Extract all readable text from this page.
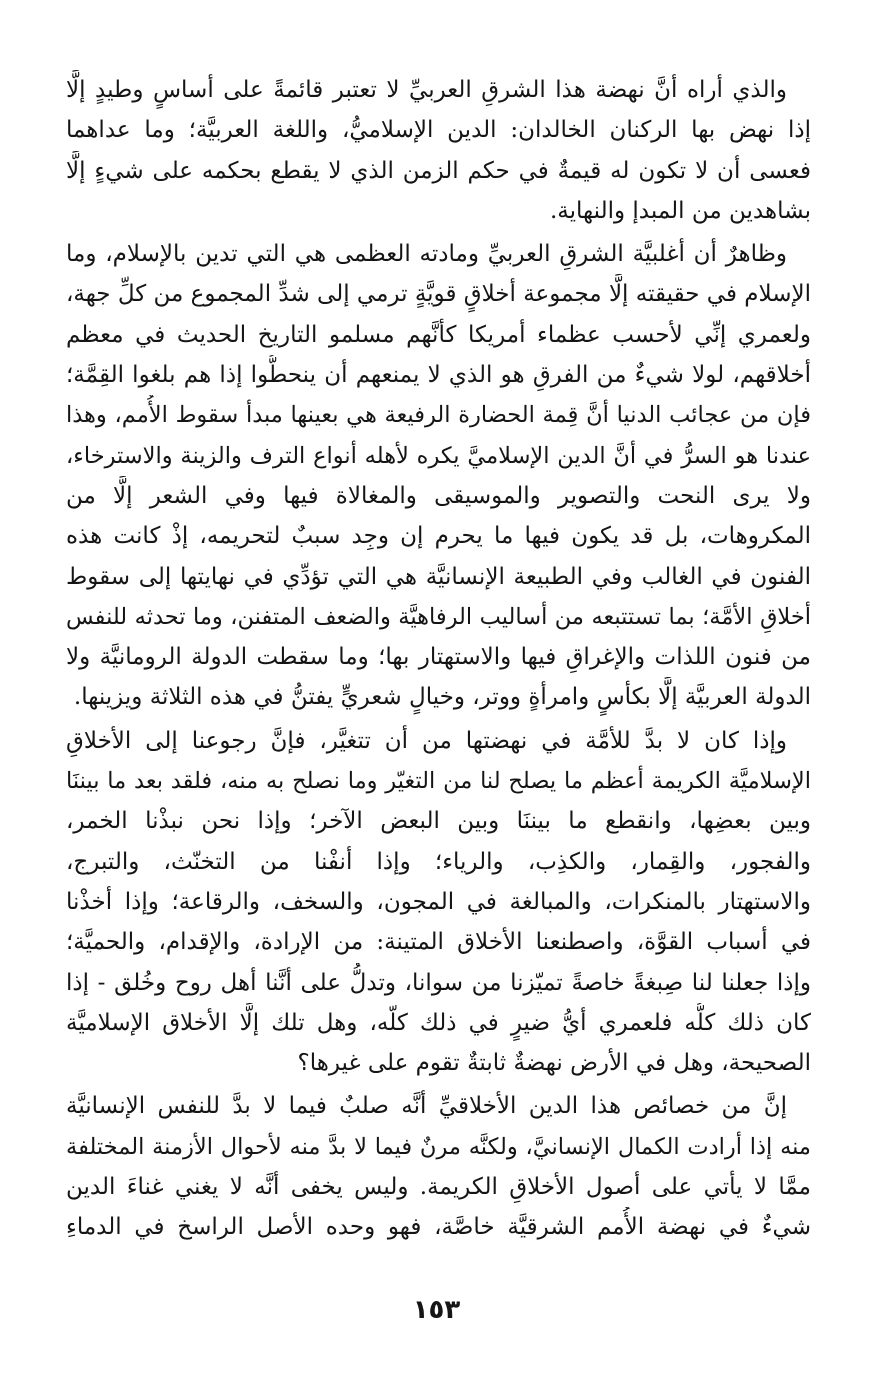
والذي أراه أنَّ نهضة هذا الشرقِ العربيِّ لا تعتبر قائمةً على أساسٍ وطيدٍ إلَّا
إذا نهض بها الركنان الخالدان: الدين الإسلاميُّ، واللغة العربيَّة؛ وما عداهما
فعسى أن لا تكون له قيمةٌ في حكم الزمن الذي لا يقطع بحكمه على شيءٍ إلَّا
بشاهدين من المبدإ والنهاية.
وظاهرٌ أن أغلبيَّة الشرقِ العربيِّ ومادته العظمى هي التي تدين بالإسلام، وما
الإسلام في حقيقته إلَّا مجموعة أخلاقٍ قويَّةٍ ترمي إلى شدِّ المجموع من كلِّ جهة،
ولعمري إنِّي لأحسب عظماء أمريكا كأنَّهم مسلمو التاريخ الحديث في معظم
أخلاقهم، لولا شيءٌ من الفرقِ هو الذي لا يمنعهم أن ينحطُّوا إذا هم بلغوا القِمَّة؛
فإن من عجائب الدنيا أنَّ قِمة الحضارة الرفيعة هي بعينها مبدأ سقوط الأُمم، وهذا
عندنا هو السرُّ في أنَّ الدين الإسلاميَّ يكره لأهله أنواع الترف والزينة والاسترخاء،
ولا يرى النحت والتصوير والموسيقى والمغالاة فيها وفي الشعر إلَّا من
المكروهات، بل قد يكون فيها ما يحرم إن وجِد سببٌ لتحريمه، إذْ كانت هذه
الفنون في الغالب وفي الطبيعة الإنسانيَّة هي التي تؤدِّي في نهايتها إلى سقوط
أخلاقِ الأمَّة؛ بما تستتبعه من أساليب الرفاهيَّة والضعف المتفنن، وما تحدثه للنفس
من فنون اللذات والإغراقِ فيها والاستهتار بها؛ وما سقطت الدولة الرومانيَّة ولا
الدولة العربيَّة إلَّا بكأسٍ وامرأةٍ ووتر، وخيالٍ شعريٍّ يفتنُّ في هذه الثلاثة ويزينها.
وإذا كان لا بدَّ للأمَّة في نهضتها من أن تتغيَّر، فإنَّ رجوعنا إلى الأخلاقِ
الإسلاميَّة الكريمة أعظم ما يصلح لنا من التغيّر وما نصلح به منه، فلقد بعد ما بيننَا
وبين بعضِها، وانقطع ما بيننَا وبين البعض الآخر؛ وإذا نحن نبذْنا الخمر،
والفجور، والقِمار، والكذِب، والرياء؛ وإذا أنفْنا من التخنّث، والتبرج،
والاستهتار بالمنكرات، والمبالغة في المجون، والسخف، والرقاعة؛ وإذا أخذْنا
في أسباب القوَّة، واصطنعنا الأخلاق المتينة: من الإرادة، والإقدام، والحميَّة؛
وإذا جعلنا لنا صِبغةً خاصةً تميّزنا من سوانا، وتدلُّ على أنَّنا أهل روح وخُلق - إذا
كان ذلك كلُّه فلعمري أيُّ ضيرٍ في ذلك كلّه، وهل تلك إلَّا الأخلاق الإسلاميَّة
الصحيحة، وهل في الأرض نهضةٌ ثابتةٌ تقوم على غيرها؟
إنَّ من خصائص هذا الدين الأخلاقيِّ أنَّه صلبٌ فيما لا بدَّ للنفس الإنسانيَّة
منه إذا أرادت الكمال الإنسانيَّ، ولكنَّه مرنٌ فيما لا بدَّ منه لأحوال الأزمنة المختلفة
ممَّا لا يأتي على أصول الأخلاقِ الكريمة. وليس يخفى أنَّه لا يغني غناءَ الدين
شيءٌ في نهضة الأُمم الشرقيَّة خاصَّة، فهو وحده الأصل الراسخ في الدماءِ
١٥٣
